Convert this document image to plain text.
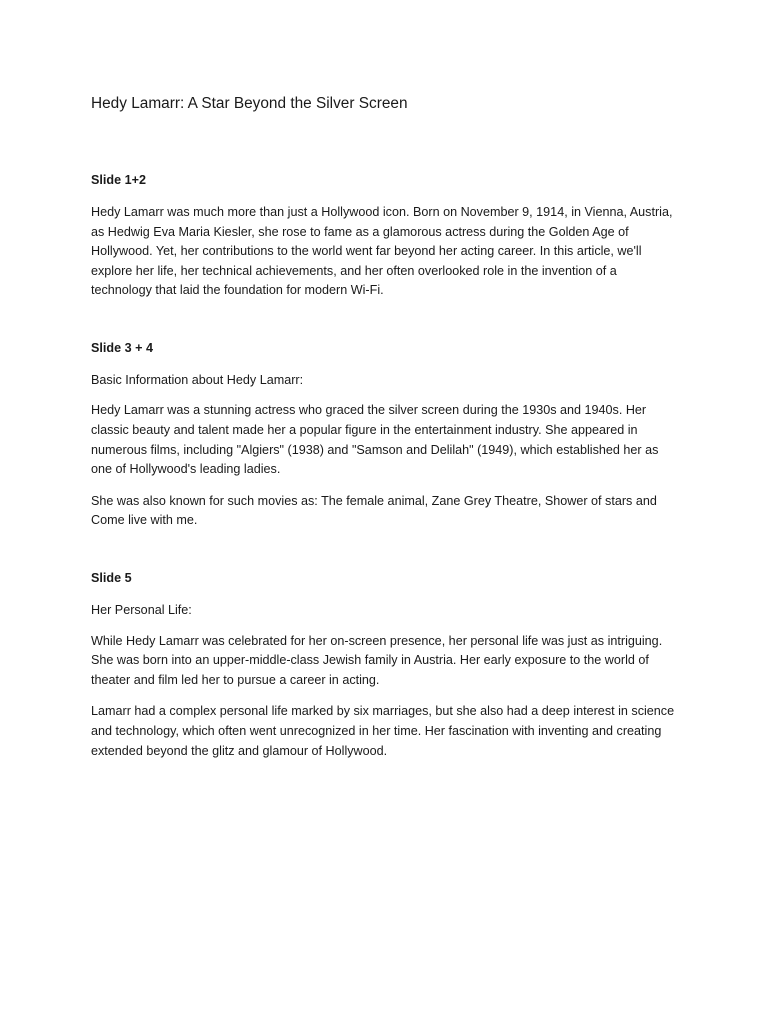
Hedy Lamarr: A Star Beyond the Silver Screen
Slide 1+2

Hedy Lamarr was much more than just a Hollywood icon. Born on November 9, 1914, in Vienna, Austria, as Hedwig Eva Maria Kiesler, she rose to fame as a glamorous actress during the Golden Age of Hollywood. Yet, her contributions to the world went far beyond her acting career. In this article, we'll explore her life, her technical achievements, and her often overlooked role in the invention of a technology that laid the foundation for modern Wi-Fi.

Slide 3 + 4
Basic Information about Hedy Lamarr:

Hedy Lamarr was a stunning actress who graced the silver screen during the 1930s and 1940s. Her classic beauty and talent made her a popular figure in the entertainment industry. She appeared in numerous films, including "Algiers" (1938) and "Samson and Delilah" (1949), which established her as one of Hollywood's leading ladies.

She was also known for such movies as: The female animal, Zane Grey Theatre, Shower of stars and Come live with me.

Slide 5
Her Personal Life:

While Hedy Lamarr was celebrated for her on-screen presence, her personal life was just as intriguing. She was born into an upper-middle-class Jewish family in Austria. Her early exposure to the world of theater and film led her to pursue a career in acting.

Lamarr had a complex personal life marked by six marriages, but she also had a deep interest in science and technology, which often went unrecognized in her time. Her fascination with inventing and creating extended beyond the glitz and glamour of Hollywood.
